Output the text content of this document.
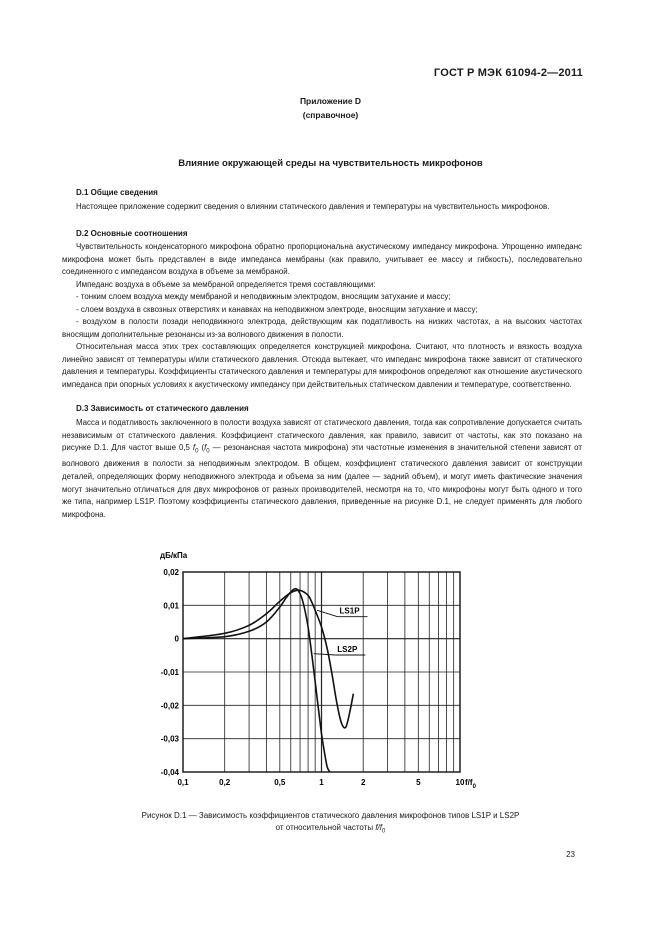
ГОСТ Р МЭК 61094-2—2011
Приложение D
(справочное)
Влияние окружающей среды на чувствительность микрофонов
D.1 Общие сведения

Настоящее приложение содержит сведения о влиянии статического давления и температуры на чувствительность микрофонов.

D.2 Основные соотношения

Чувствительность конденсаторного микрофона обратно пропорциональна акустическому импедансу микрофона. Упрощенно импеданс микрофона может быть представлен в виде импеданса мембраны (как правило, учитывает ее массу и гибкость), последовательно соединенного с импедансом воздуха в объеме за мембраной.

Импеданс воздуха в объеме за мембраной определяется тремя составляющими:

- тонким слоем воздуха между мембраной и неподвижным электродом, вносящим затухание и массу;
- слоем воздуха в сквозных отверстиях и канавках на неподвижном электроде, вносящим затухание и массу;

- воздухом в полости позади неподвижного электрода, действующим как податливость на низких частотах, а на высоких частотах вносящим дополнительные резонансы из-за волнового движения в полости.

Относительная масса этих трех составляющих определяется конструкцией микрофона. Считают, что плотность и вязкость воздуха линейно зависят от температуры и/или статического давления. Отсюда вытекает, что импеданс микрофона также зависит от статического давления и температуры. Коэффициенты статического давления и температуры для микрофонов определяют как отношение акустического импеданса при опорных условиях к акустическому импедансу при действительных статическом давлении и температуре, соответственно.

D.3 Зависимость от статического давления

Масса и податливость заключенного в полости воздуха зависят от статического давления, тогда как сопротивление допускается считать независимым от статического давления. Коэффициент статического давления, как правило, зависит от частоты, как это показано на рисунке D.1. Для частот выше 0,5 $f_0$ ($f_0$ — резонансная частота микрофона) эти частотные изменения в значительной степени зависят от волнового движения в полости за неподвижным электродом. В общем, коэффициент статического давления зависит от конструкции деталей, определяющих форму неподвижного электрода и объема за ним (далее — задний объем), и могут иметь фактические значения могут значительно отличаться для двух микрофонов от разных производителей, несмотря на то, что микрофоны могут быть одного и того же типа, например LS1P. Поэтому коэффициенты статического давления, приведенные на рисунке D.1, не следует применять для любого микрофона.

0,02
0,01
0
-0,01
-0,02
-0,03
-0,04
0,1	0,2	0,5	1	2	5	10
LS1P
LS2P
дБ/кПа
$f/f_0$
Рисунок D.1 — Зависимость коэффициентов статического давления микрофонов типов LS1P и LS2P
от относительной частоты $f/f_0$
23
